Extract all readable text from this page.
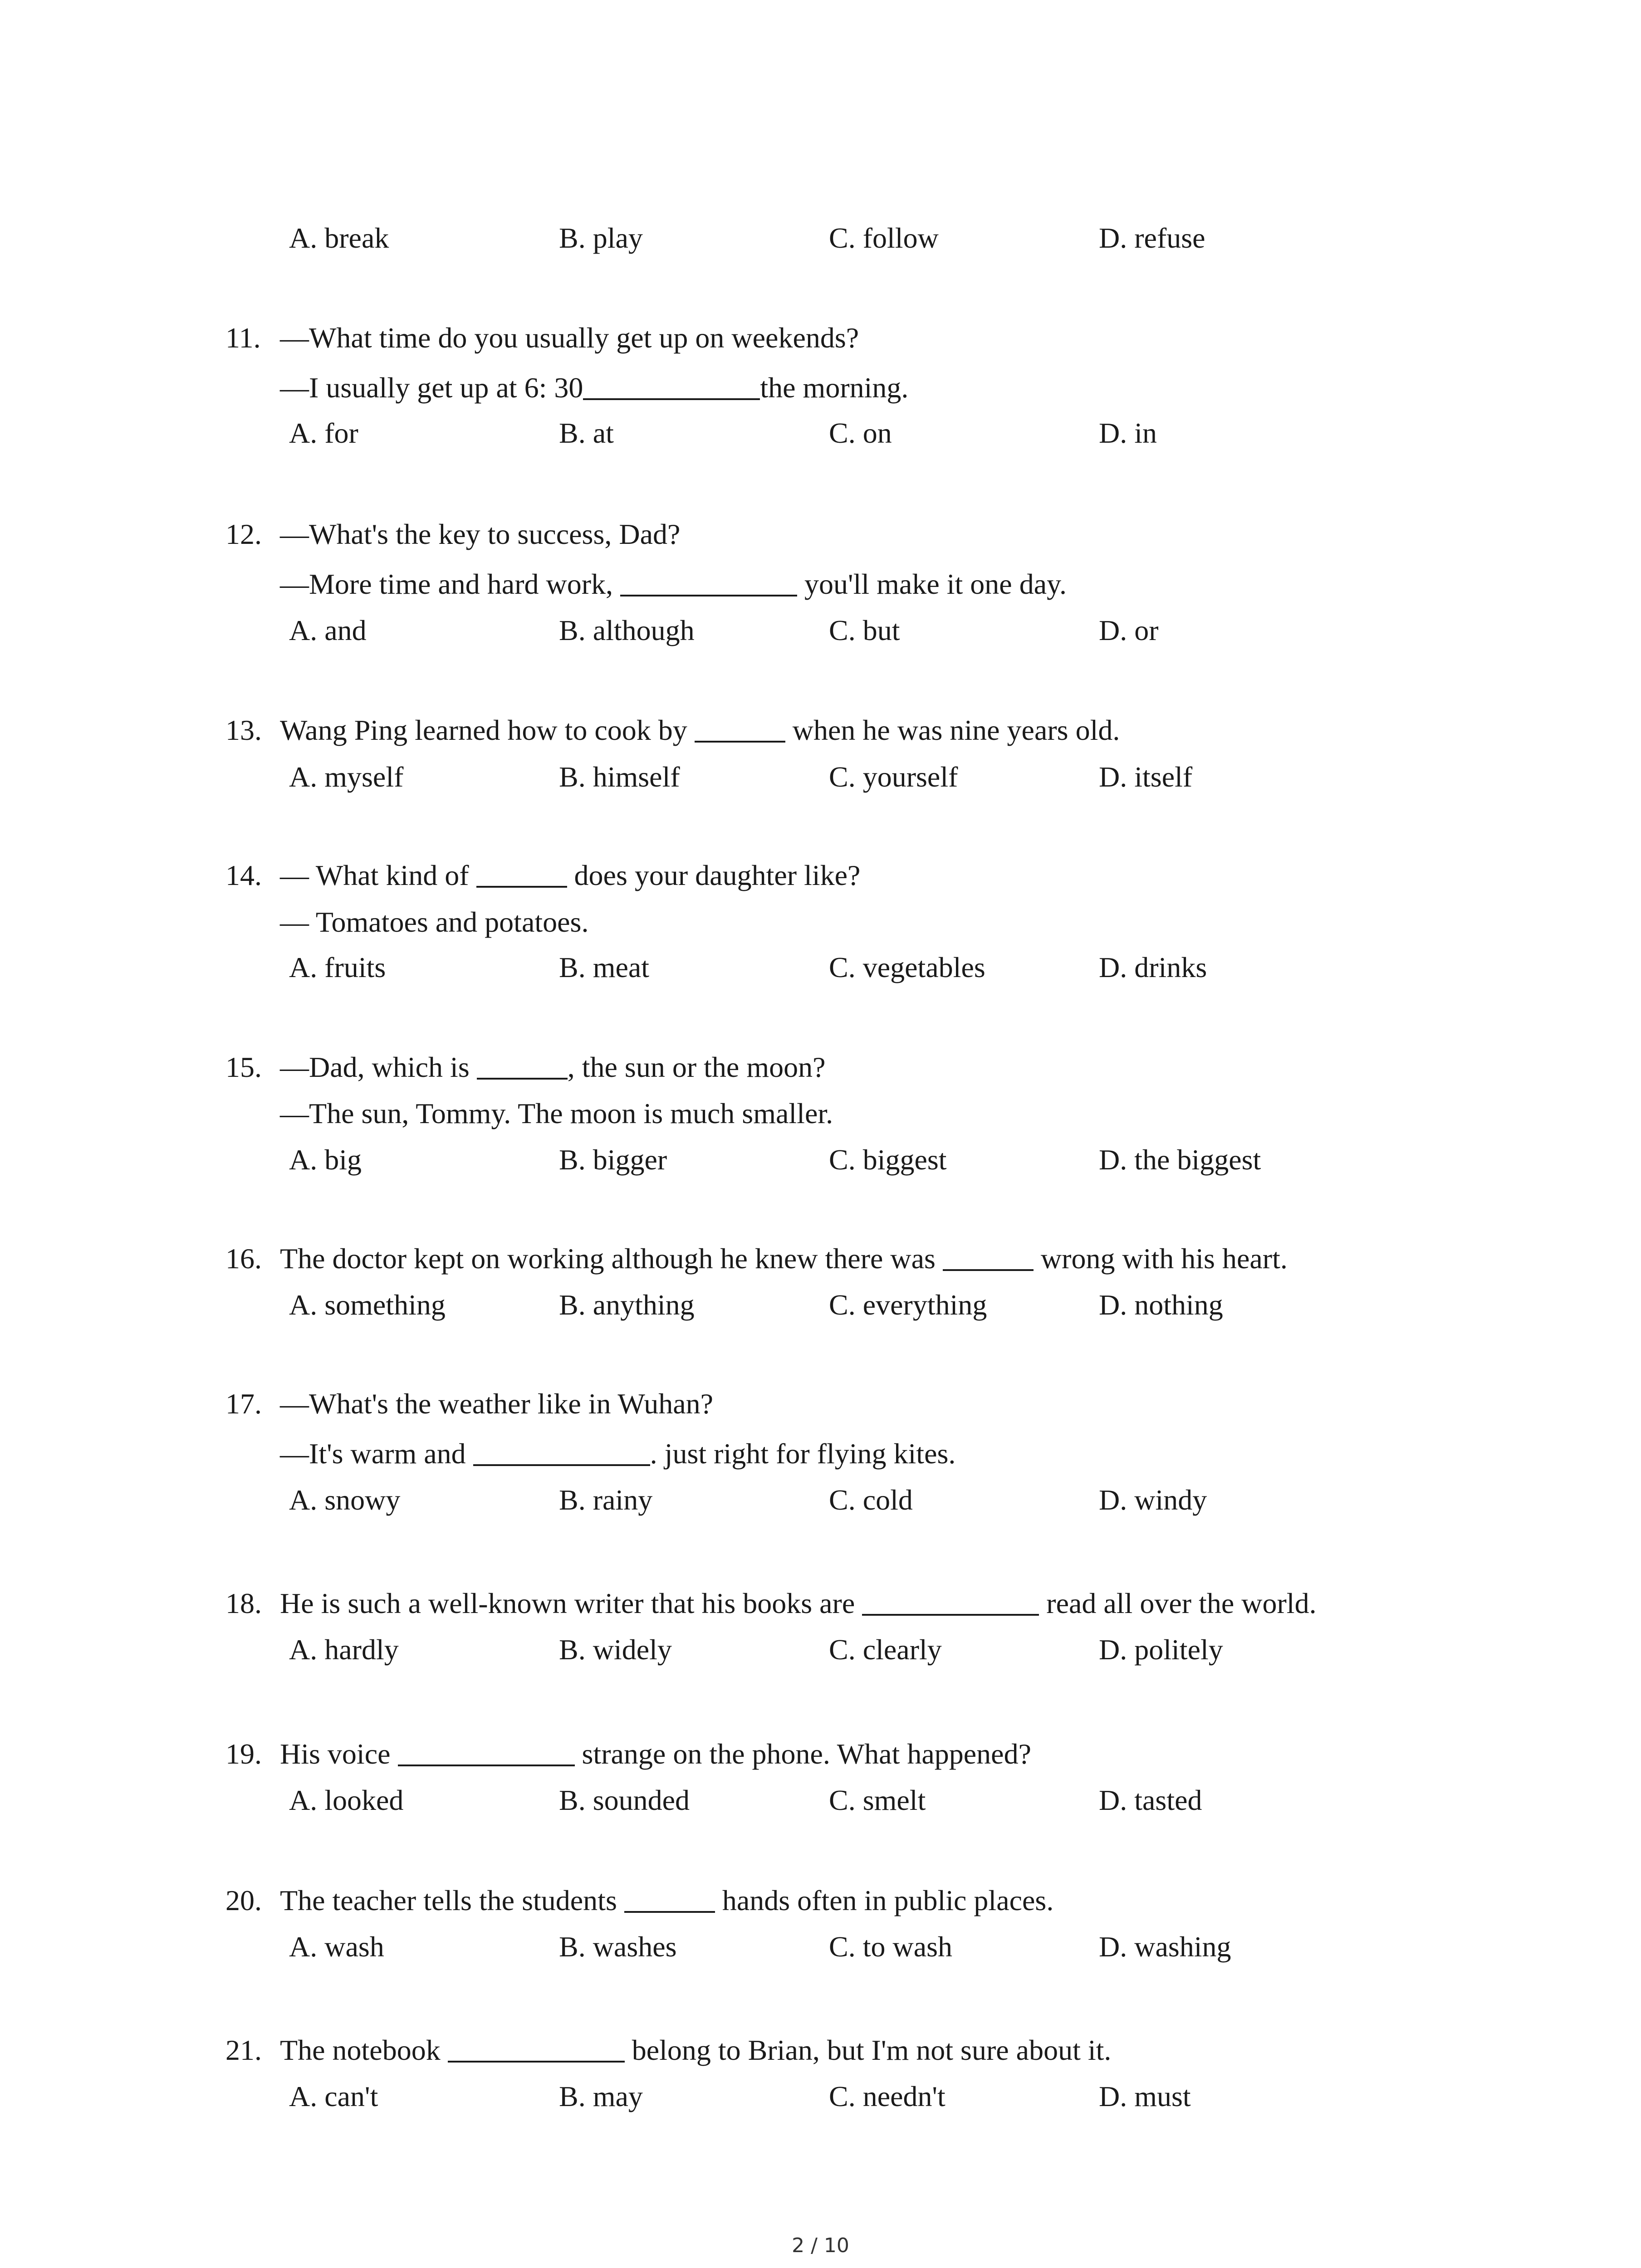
A. break	B. play	C. follow	D. refuse
11. —What time do you usually get up on weekends?
—I usually get up at 6: 30	the morning.
A. for	B. at	C. on	D. in
12. —What's the key to success, Dad?
—More time and hard work,	you'll make it one day.
A. and	B. although	C. but	D. or
13. Wang Ping learned how to cook by	when he was nine years old.
A. myself	B. himself	C. yourself	D. itself
14. — What kind of	does your daughter like?
— Tomatoes and potatoes.
A. fruits	B. meat	C. vegetables	D. drinks
15. —Dad, which is	, the sun or the moon?
—The sun, Tommy. The moon is much smaller.
A. big	B. bigger	C. biggest	D. the biggest
16. The doctor kept on working although he knew there was	wrong with his heart.
A. something	B. anything	C. everything	D. nothing
17. —What's the weather like in Wuhan?
—It's warm and	. just right for flying kites.
A. snowy	B. rainy	C. cold	D. windy
18. He is such a well-known writer that his books are	read all over the world.
A. hardly	B. widely	C. clearly	D. politely
19. His voice	strange on the phone. What happened?
A. looked	B. sounded	C. smelt	D. tasted
20. The teacher tells the students	hands often in public places.
A. wash	B. washes	C. to wash	D. washing
21. The notebook	belong to Brian, but I'm not sure about it.
A. can't	B. may	C. needn't	D. must
2 / 10
